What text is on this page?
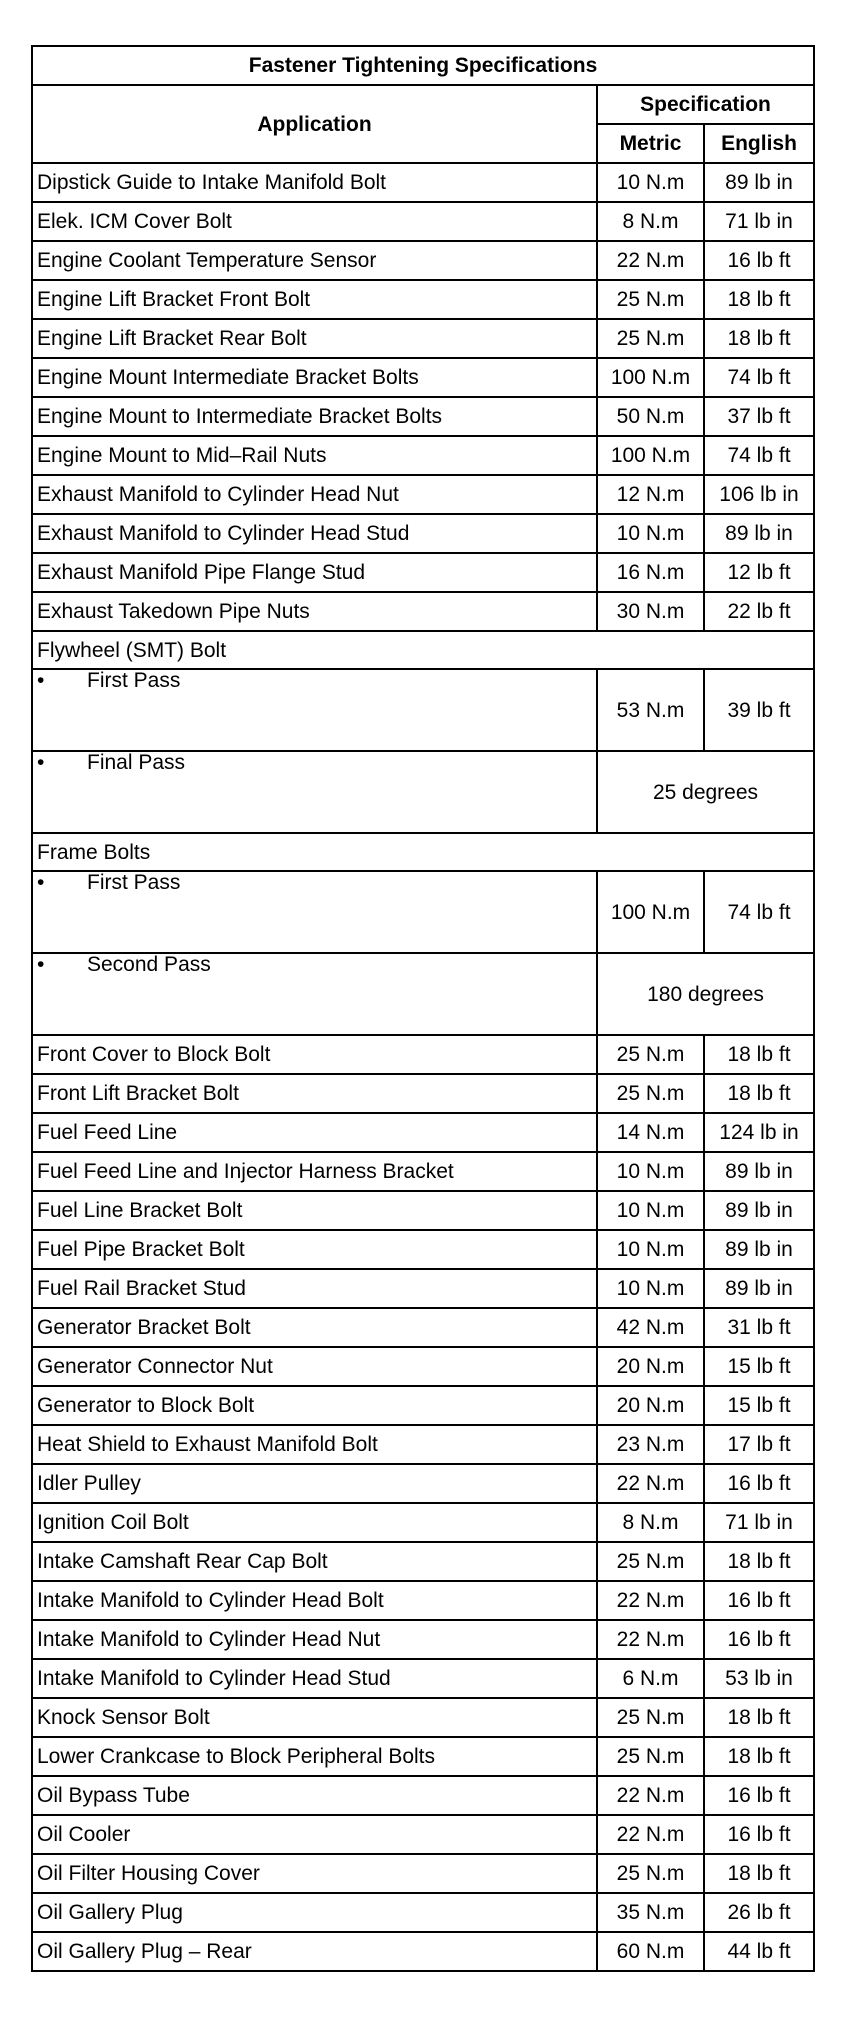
Fastener Tightening Specifications		
Application	Specification	
	Metric	English
Dipstick Guide to Intake Manifold Bolt	10 N.m	89 lb in
Elek. ICM Cover Bolt	8 N.m	71 lb in
Engine Coolant Temperature Sensor	22 N.m	16 lb ft
Engine Lift Bracket Front Bolt	25 N.m	18 lb ft
Engine Lift Bracket Rear Bolt	25 N.m	18 lb ft
Engine Mount Intermediate Bracket Bolts	100 N.m	74 lb ft
Engine Mount to Intermediate Bracket Bolts	50 N.m	37 lb ft
Engine Mount to Mid–Rail Nuts	100 N.m	74 lb ft
Exhaust Manifold to Cylinder Head Nut	12 N.m	106 lb in
Exhaust Manifold to Cylinder Head Stud	10 N.m	89 lb in
Exhaust Manifold Pipe Flange Stud	16 N.m	12 lb ft
Exhaust Takedown Pipe Nuts	30 N.m	22 lb ft
Flywheel (SMT) Bolt		
• First Pass	53 N.m	39 lb ft
• Final Pass	25 degrees	
Frame Bolts		
• First Pass	100 N.m	74 lb ft
• Second Pass	180 degrees	
Front Cover to Block Bolt	25 N.m	18 lb ft
Front Lift Bracket Bolt	25 N.m	18 lb ft
Fuel Feed Line	14 N.m	124 lb in
Fuel Feed Line and Injector Harness Bracket	10 N.m	89 lb in
Fuel Line Bracket Bolt	10 N.m	89 lb in
Fuel Pipe Bracket Bolt	10 N.m	89 lb in
Fuel Rail Bracket Stud	10 N.m	89 lb in
Generator Bracket Bolt	42 N.m	31 lb ft
Generator Connector Nut	20 N.m	15 lb ft
Generator to Block Bolt	20 N.m	15 lb ft
Heat Shield to Exhaust Manifold Bolt	23 N.m	17 lb ft
Idler Pulley	22 N.m	16 lb ft
Ignition Coil Bolt	8 N.m	71 lb in
Intake Camshaft Rear Cap Bolt	25 N.m	18 lb ft
Intake Manifold to Cylinder Head Bolt	22 N.m	16 lb ft
Intake Manifold to Cylinder Head Nut	22 N.m	16 lb ft
Intake Manifold to Cylinder Head Stud	6 N.m	53 lb in
Knock Sensor Bolt	25 N.m	18 lb ft
Lower Crankcase to Block Peripheral Bolts	25 N.m	18 lb ft
Oil Bypass Tube	22 N.m	16 lb ft
Oil Cooler	22 N.m	16 lb ft
Oil Filter Housing Cover	25 N.m	18 lb ft
Oil Gallery Plug	35 N.m	26 lb ft
Oil Gallery Plug – Rear	60 N.m	44 lb ft
